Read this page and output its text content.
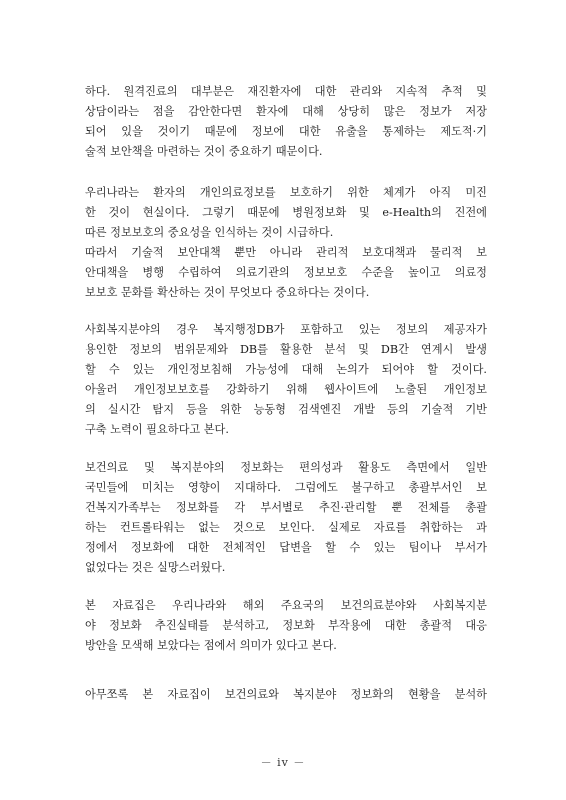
하다. 원격진료의 대부분은 재진환자에 대한 관리와 지속적 추적 및
상담이라는 점을 감안한다면 환자에 대해 상당히 많은 정보가 저장
되어 있을 것이기 때문에 정보에 대한 유출을 통제하는 제도적·기
술적 보안책을 마련하는 것이 중요하기 때문이다.
우리나라는 환자의 개인의료정보를 보호하기 위한 체계가 아직 미진
한 것이 현실이다. 그렇기 때문에 병원정보화 및 e-Health의 진전에
따른 정보보호의 중요성을 인식하는 것이 시급하다.
따라서 기술적 보안대책 뿐만 아니라 관리적 보호대책과 물리적 보
안대책을 병행 수립하여 의료기관의 정보보호 수준을 높이고 의료정
보보호 문화를 확산하는 것이 무엇보다 중요하다는 것이다.
사회복지분야의 경우 복지행정DB가 포함하고 있는 정보의 제공자가
용인한 정보의 범위문제와 DB를 활용한 분석 및 DB간 연계시 발생
할 수 있는 개인정보침해 가능성에 대해 논의가 되어야 할 것이다.
아울러 개인정보보호를 강화하기 위해 웹사이트에 노출된 개인정보
의 실시간 탐지 등을 위한 능동형 검색엔진 개발 등의 기술적 기반
구축 노력이 필요하다고 본다.
보건의료 및 복지분야의 정보화는 편의성과 활용도 측면에서 일반
국민들에 미치는 영향이 지대하다. 그럼에도 불구하고 총괄부서인 보
건복지가족부는 정보화를 각 부서별로 추진·관리할 뿐 전체를 총괄
하는 컨트롤타워는 없는 것으로 보인다. 실제로 자료를 취합하는 과
정에서 정보화에 대한 전체적인 답변을 할 수 있는 팀이나 부서가
없었다는 것은 실망스러웠다.
본 자료집은 우리나라와 해외 주요국의 보건의료분야와 사회복지분
야 정보화 추진실태를 분석하고, 정보화 부작용에 대한 총괄적 대응
방안을 모색해 보았다는 점에서 의미가 있다고 본다.
아무쪼록 본 자료집이 보건의료와 복지분야 정보화의 현황을 분석하
－ iv －
